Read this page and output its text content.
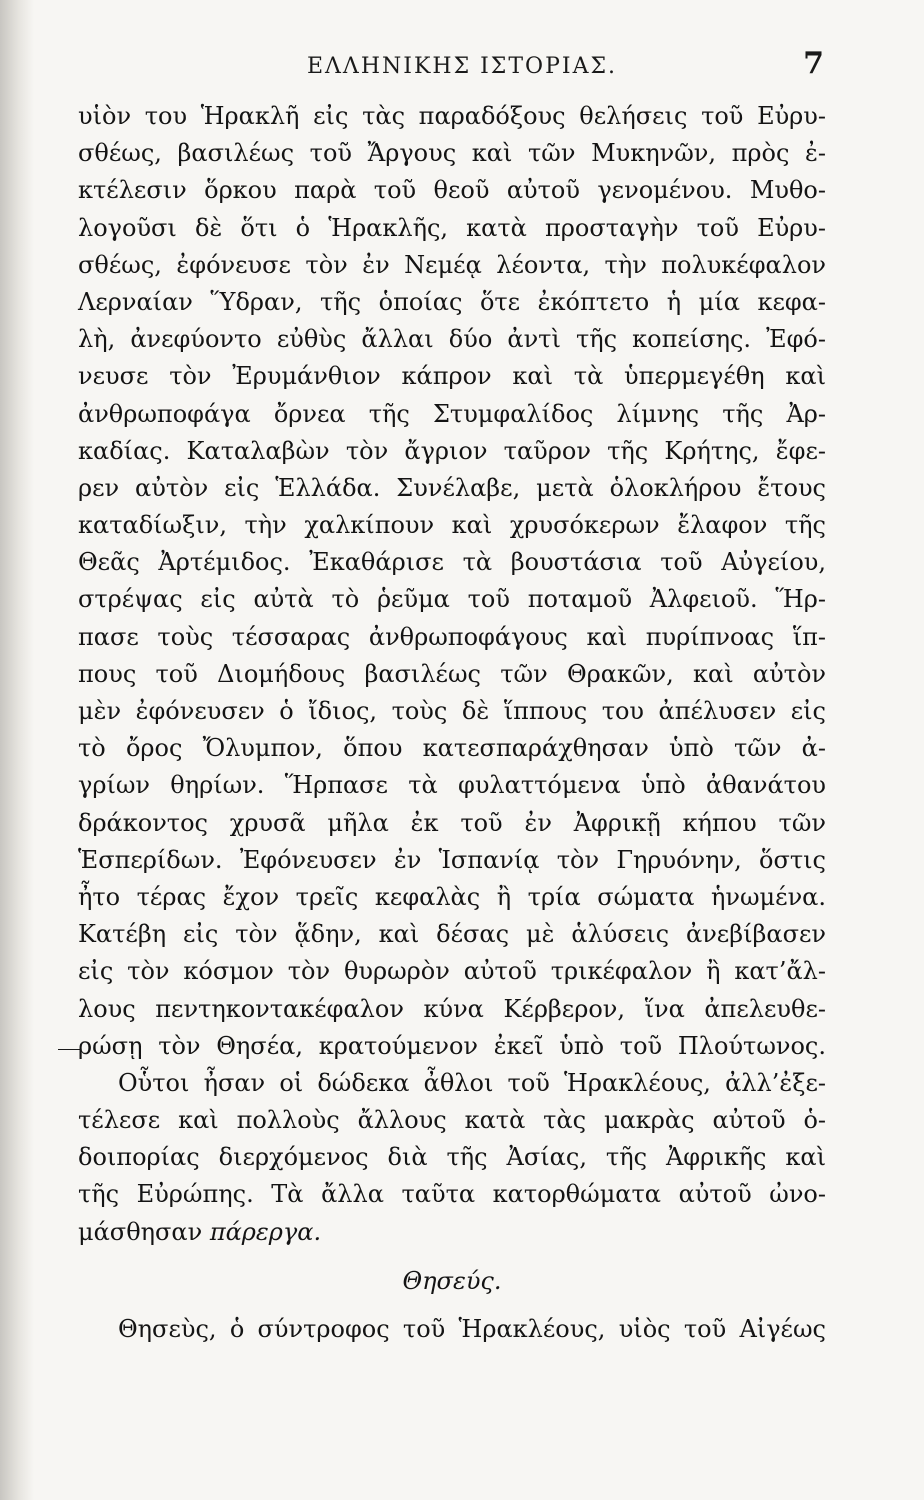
ΕΛΛΗΝΙΚΗΣ ΙΣΤΟΡΙΑΣ.	7
υἱὸν του Ἡρακλῆ εἰς τὰς παραδόξους θελήσεις τοῦ Εὐρυ-
σθέως, βασιλέως τοῦ Ἄργους καὶ τῶν Μυκηνῶν, πρὸς ἐ-
κτέλεσιν ὅρκου παρὰ τοῦ θεοῦ αὐτοῦ γενομένου. Μυθο-
λογοῦσι δὲ ὅτι ὁ Ἡρακλῆς, κατὰ προσταγὴν τοῦ Εὐρυ-
σθέως, ἐφόνευσε τὸν ἐν Νεμέᾳ λέοντα, τὴν πολυκέφαλον
Λερναίαν Ὕδραν, τῆς ὁποίας ὅτε ἐκόπτετο ἡ μία κεφα-
λὴ, ἀνεφύοντο εὐθὺς ἄλλαι δύο ἀντὶ τῆς κοπείσης. Ἐφό-
νευσε τὸν Ἐρυμάνθιον κάπρον καὶ τὰ ὑπερμεγέθη καὶ
ἀνθρωποφάγα ὄρνεα τῆς Στυμφαλίδος λίμνης τῆς Ἀρ-
καδίας. Καταλαβὼν τὸν ἄγριον ταῦρον τῆς Κρήτης, ἔφε-
ρεν αὐτὸν εἰς Ἑλλάδα. Συνέλαβε, μετὰ ὁλοκλήρου ἔτους
καταδίωξιν, τὴν χαλκίπουν καὶ χρυσόκερων ἔλαφον τῆς
Θεᾶς Ἀρτέμιδος. Ἐκαθάρισε τὰ βουστάσια τοῦ Αὐγείου,
στρέψας εἰς αὐτὰ τὸ ῥεῦμα τοῦ ποταμοῦ Ἀλφειοῦ. Ἥρ-
πασε τοὺς τέσσαρας ἀνθρωποφάγους καὶ πυρίπνοας ἵπ-
πους τοῦ Διομήδους βασιλέως τῶν Θρακῶν, καὶ αὐτὸν
μὲν ἐφόνευσεν ὁ ἴδιος, τοὺς δὲ ἵππους του ἀπέλυσεν εἰς
τὸ ὄρος Ὄλυμπον, ὅπου κατεσπαράχθησαν ὑπὸ τῶν ἀ-
γρίων θηρίων. Ἥρπασε τὰ φυλαττόμενα ὑπὸ ἀθανάτου
δράκοντος χρυσᾶ μῆλα ἐκ τοῦ ἐν Ἀφρικῇ κήπου τῶν
Ἑσπερίδων. Ἐφόνευσεν ἐν Ἱσπανίᾳ τὸν Γηρυόνην, ὅστις
ἦτο τέρας ἔχον τρεῖς κεφαλὰς ἢ τρία σώματα ἡνωμένα.
Κατέβη εἰς τὸν ᾅδην, καὶ δέσας μὲ ἁλύσεις ἀνεβίβασεν
εἰς τὸν κόσμον τὸν θυρωρὸν αὐτοῦ τρικέφαλον ἢ κατ’ἄλ-
λους πεντηκοντακέφαλον κύνα Κέρβερον, ἵνα ἀπελευθε-
ρώσῃ τὸν Θησέα, κρατούμενον ἐκεῖ ὑπὸ τοῦ Πλούτωνος.
Οὗτοι ἦσαν οἱ δώδεκα ἆθλοι τοῦ Ἡρακλέους, ἀλλ’ἐξε-
τέλεσε καὶ πολλοὺς ἄλλους κατὰ τὰς μακρὰς αὐτοῦ ὁ-
δοιπορίας διερχόμενος διὰ τῆς Ἀσίας, τῆς Ἀφρικῆς καὶ
τῆς Εὐρώπης. Τὰ ἄλλα ταῦτα κατορθώματα αὐτοῦ ὠνο-
μάσθησαν πάρεργα.
Θησεύς.
Θησεὺς, ὁ σύντροφος τοῦ Ἡρακλέους, υἱὸς τοῦ Αἰγέως
